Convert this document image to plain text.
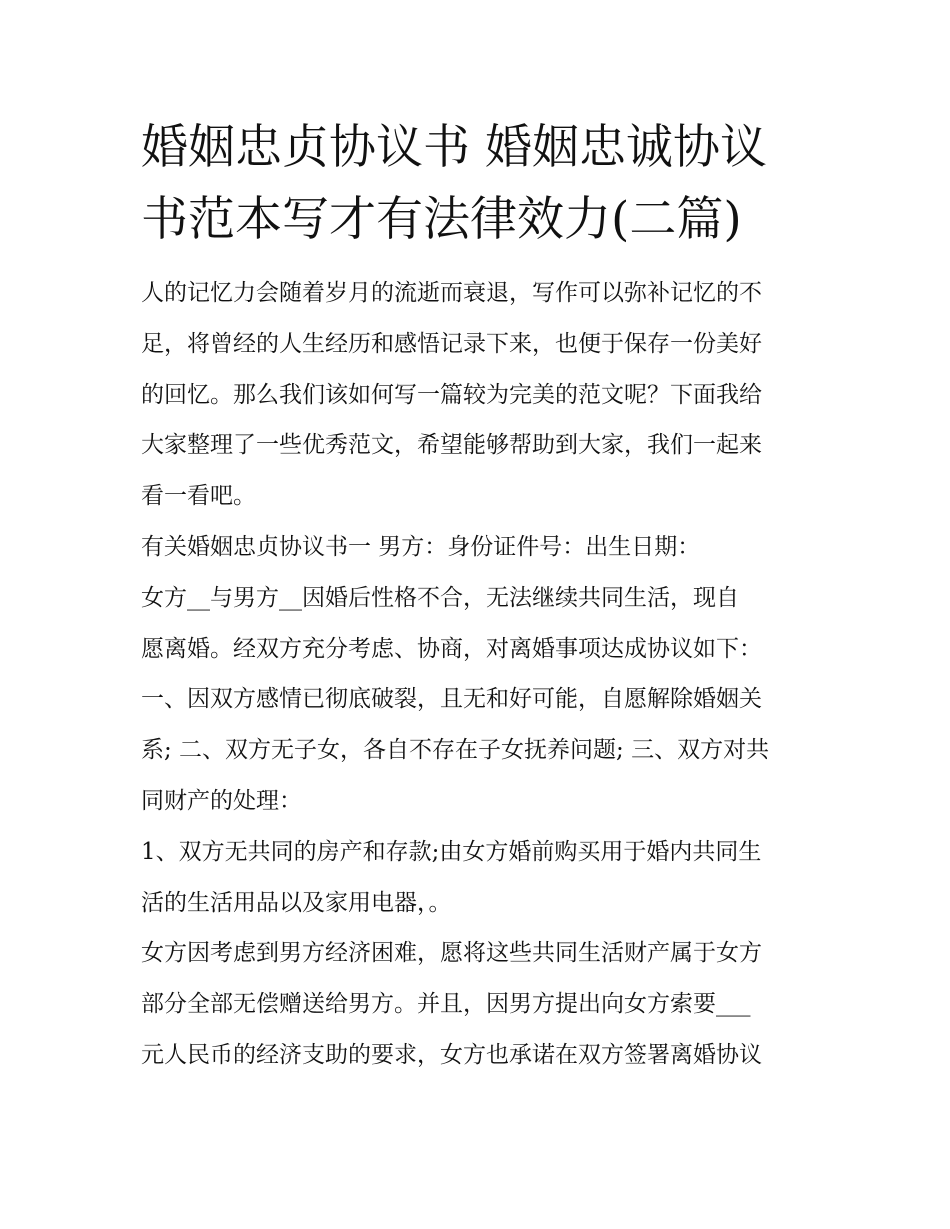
婚姻忠贞协议书 婚姻忠诚协议
书范本写才有法律效力(二篇)
人的记忆力会随着岁月的流逝而衰退，写作可以弥补记忆的不
足，将曾经的人生经历和感悟记录下来，也便于保存一份美好
的回忆。那么我们该如何写一篇较为完美的范文呢？下面我给
大家整理了一些优秀范文，希望能够帮助到大家，我们一起来
看一看吧。
有关婚姻忠贞协议书一 男方：身份证件号：出生日期：
女方__与男方__因婚后性格不合，无法继续共同生活，现自
愿离婚。经双方充分考虑、协商，对离婚事项达成协议如下：
一、因双方感情已彻底破裂，且无和好可能，自愿解除婚姻关
系; 二、双方无子女，各自不存在子女抚养问题; 三、双方对共
同财产的处理：
1、双方无共同的房产和存款;由女方婚前购买用于婚内共同生
活的生活用品以及家用电器，。
女方因考虑到男方经济困难，愿将这些共同生活财产属于女方
部分全部无偿赠送给男方。并且，因男方提出向女方索要___
元人民币的经济支助的要求，女方也承诺在双方签署离婚协议
